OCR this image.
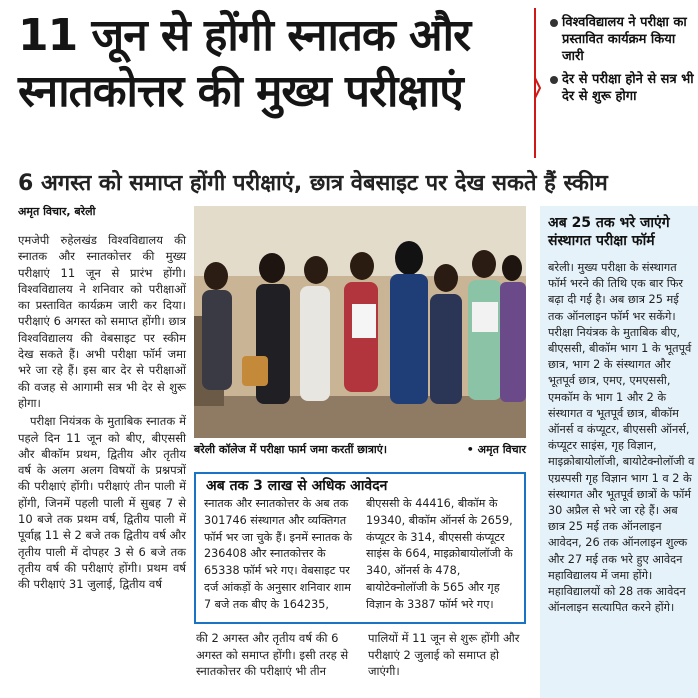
11 जून से होंगी स्नातक और
स्नातकोत्तर की मुख्य परीक्षाएं
विश्वविद्यालय ने परीक्षा का प्रस्तावित कार्यक्रम किया जारी
देर से परीक्षा होने से सत्र भी देर से शुरू होगा
6 अगस्त को समाप्त होंगी परीक्षाएं, छात्र वेबसाइट पर देख सकते हैं स्कीम
अमृत विचार, बरेली

एमजेपी रुहेलखंड विश्वविद्यालय की स्नातक और स्नातकोत्तर की मुख्य परीक्षाएं 11 जून से प्रारंभ होंगी। विश्वविद्यालय ने शनिवार को परीक्षाओं का प्रस्तावित कार्यक्रम जारी कर दिया। परीक्षाएं 6 अगस्त को समाप्त होंगी। छात्र विश्वविद्यालय की वेबसाइट पर स्कीम देख सकते हैं। अभी परीक्षा फॉर्म जमा भरे जा रहे हैं। इस बार देर से परीक्षाओं की वजह से आगामी सत्र भी देर से शुरू होगा।

परीक्षा नियंत्रक के मुताबिक स्नातक में पहले दिन 11 जून को बीए, बीएससी और बीकॉम प्रथम, द्वितीय और तृतीय वर्ष के अलग अलग विषयों के प्रश्नपत्रों की परीक्षाएं होंगी। परीक्षाएं तीन पाली में होंगी, जिनमें पहली पाली में सुबह 7 से 10 बजे तक प्रथम वर्ष, द्वितीय पाली में पूर्वाह्न 11 से 2 बजे तक द्वितीय वर्ष और तृतीय पाली में दोपहर 3 से 6 बजे तक तृतीय वर्ष की परीक्षाएं होंगी। प्रथम वर्ष की परीक्षाएं 31 जुलाई, द्वितीय वर्ष

बरेली कॉलेज में परीक्षा फार्म जमा करतीं छात्राएं।	• अमृत विचार
अब तक 3 लाख से अधिक आवेदन
स्नातक और स्नातकोत्तर के अब तक 301746 संस्थागत और व्यक्तिगत फॉर्म भर जा चुके हैं। इनमें स्नातक के 236408 और स्नातकोत्तर के 65338 फॉर्म भरे गए। वेबसाइट पर दर्ज आंकड़ों के अनुसार शनिवार शाम 7 बजे तक बीए के 164235,
बीएससी के 44416, बीकॉम के 19340, बीकॉम ऑनर्स के 2659, कंप्यूटर के 314, बीएससी कंप्यूटर साइंस के 664, माइक्रोबायोलॉजी के 340, ऑनर्स के 478, बायोटेक्नोलॉजी के 565 और गृह विज्ञान के 3387 फॉर्म भरे गए।
की 2 अगस्त और तृतीय वर्ष की 6 अगस्त को समाप्त होंगी। इसी तरह से स्नातकोत्तर की परीक्षाएं भी तीन
पालियों में 11 जून से शुरू होंगी और परीक्षाएं 2 जुलाई को समाप्त हो जाएंगी।
अब 25 तक भरे जाएंगे संस्थागत परीक्षा फॉर्म
बरेली। मुख्य परीक्षा के संस्थागत फॉर्म भरने की तिथि एक बार फिर बढ़ा दी गई है। अब छात्र 25 मई तक ऑनलाइन फॉर्म भर सकेंगे। परीक्षा नियंत्रक के मुताबिक बीए, बीएससी, बीकॉम भाग 1 के भूतपूर्व छात्र, भाग 2 के संस्थागत और भूतपूर्व छात्र, एमए, एमएससी, एमकॉम के भाग 1 और 2 के संस्थागत व भूतपूर्व छात्र, बीकॉम ऑनर्स व कंप्यूटर, बीएससी ऑनर्स, कंप्यूटर साइंस, गृह विज्ञान, माइक्रोबायोलॉजी, बायोटेक्नोलॉजी व एग्रस्पसी गृह विज्ञान भाग 1 व 2 के संस्थागत और भूतपूर्व छात्रों के फॉर्म 30 अप्रैल से भरे जा रहे हैं। अब छात्र 25 मई तक ऑनलाइन आवेदन, 26 तक ऑनलाइन शुल्क और 27 मई तक भरे हुए आवेदन महाविद्यालय में जमा होंगे। महाविद्यालयों को 28 तक आवेदन ऑनलाइन सत्यापित करने होंगे।
